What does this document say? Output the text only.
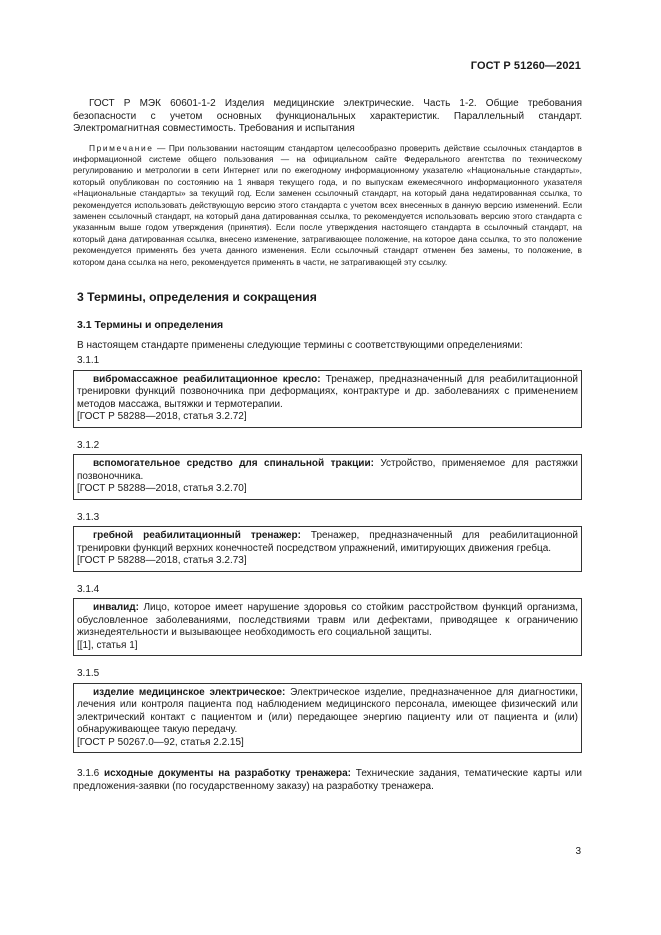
ГОСТ Р 51260—2021

ГОСТ Р МЭК 60601-1-2 Изделия медицинские электрические. Часть 1-2. Общие требования безопасности с учетом основных функциональных характеристик. Параллельный стандарт. Электромагнитная совместимость. Требования и испытания

Примечание — При пользовании настоящим стандартом целесообразно проверить действие ссылочных стандартов в информационной системе общего пользования — на официальном сайте Федерального агентства по техническому регулированию и метрологии в сети Интернет или по ежегодному информационному указателю «Национальные стандарты», который опубликован по состоянию на 1 января текущего года, и по выпускам ежемесячного информационного указателя «Национальные стандарты» за текущий год. Если заменен ссылочный стандарт, на который дана недатированная ссылка, то рекомендуется использовать действующую версию этого стандарта с учетом всех внесенных в данную версию изменений. Если заменен ссылочный стандарт, на который дана датированная ссылка, то рекомендуется использовать версию этого стандарта с указанным выше годом утверждения (принятия). Если после утверждения настоящего стандарта в ссылочный стандарт, на который дана датированная ссылка, внесено изменение, затрагивающее положение, на которое дана ссылка, то это положение рекомендуется применять без учета данного изменения. Если ссылочный стандарт отменен без замены, то положение, в котором дана ссылка на него, рекомендуется применять в части, не затрагивающей эту ссылку.

3 Термины, определения и сокращения
3.1 Термины и определения
В настоящем стандарте применены следующие термины с соответствующими определениями:
3.1.1

вибромассажное реабилитационное кресло: Тренажер, предназначенный для реабилитационной тренировки функций позвоночника при деформациях, контрактуре и др. заболеваниях с применением методов массажа, вытяжки и термотерапии.

[ГОСТ Р 58288—2018, статья 3.2.72]

3.1.2

вспомогательное средство для спинальной тракции: Устройство, применяемое для растяжки позвоночника.

[ГОСТ Р 58288—2018, статья 3.2.70]

3.1.3

гребной реабилитационный тренажер: Тренажер, предназначенный для реабилитационной тренировки функций верхних конечностей посредством упражнений, имитирующих движения гребца.

[ГОСТ Р 58288—2018, статья 3.2.73]

3.1.4

инвалид: Лицо, которое имеет нарушение здоровья со стойким расстройством функций организма, обусловленное заболеваниями, последствиями травм или дефектами, приводящее к ограничению жизнедеятельности и вызывающее необходимость его социальной защиты.

[[1], статья 1]

3.1.5

изделие медицинское электрическое: Электрическое изделие, предназначенное для диагностики, лечения или контроля пациента под наблюдением медицинского персонала, имеющее физический или электрический контакт с пациентом и (или) передающее энергию пациенту или от пациента и (или) обнаруживающее такую передачу.

[ГОСТ Р 50267.0—92, статья 2.2.15]

3.1.6 исходные документы на разработку тренажера: Технические задания, тематические карты или предложения-заявки (по государственному заказу) на разработку тренажера.

3
